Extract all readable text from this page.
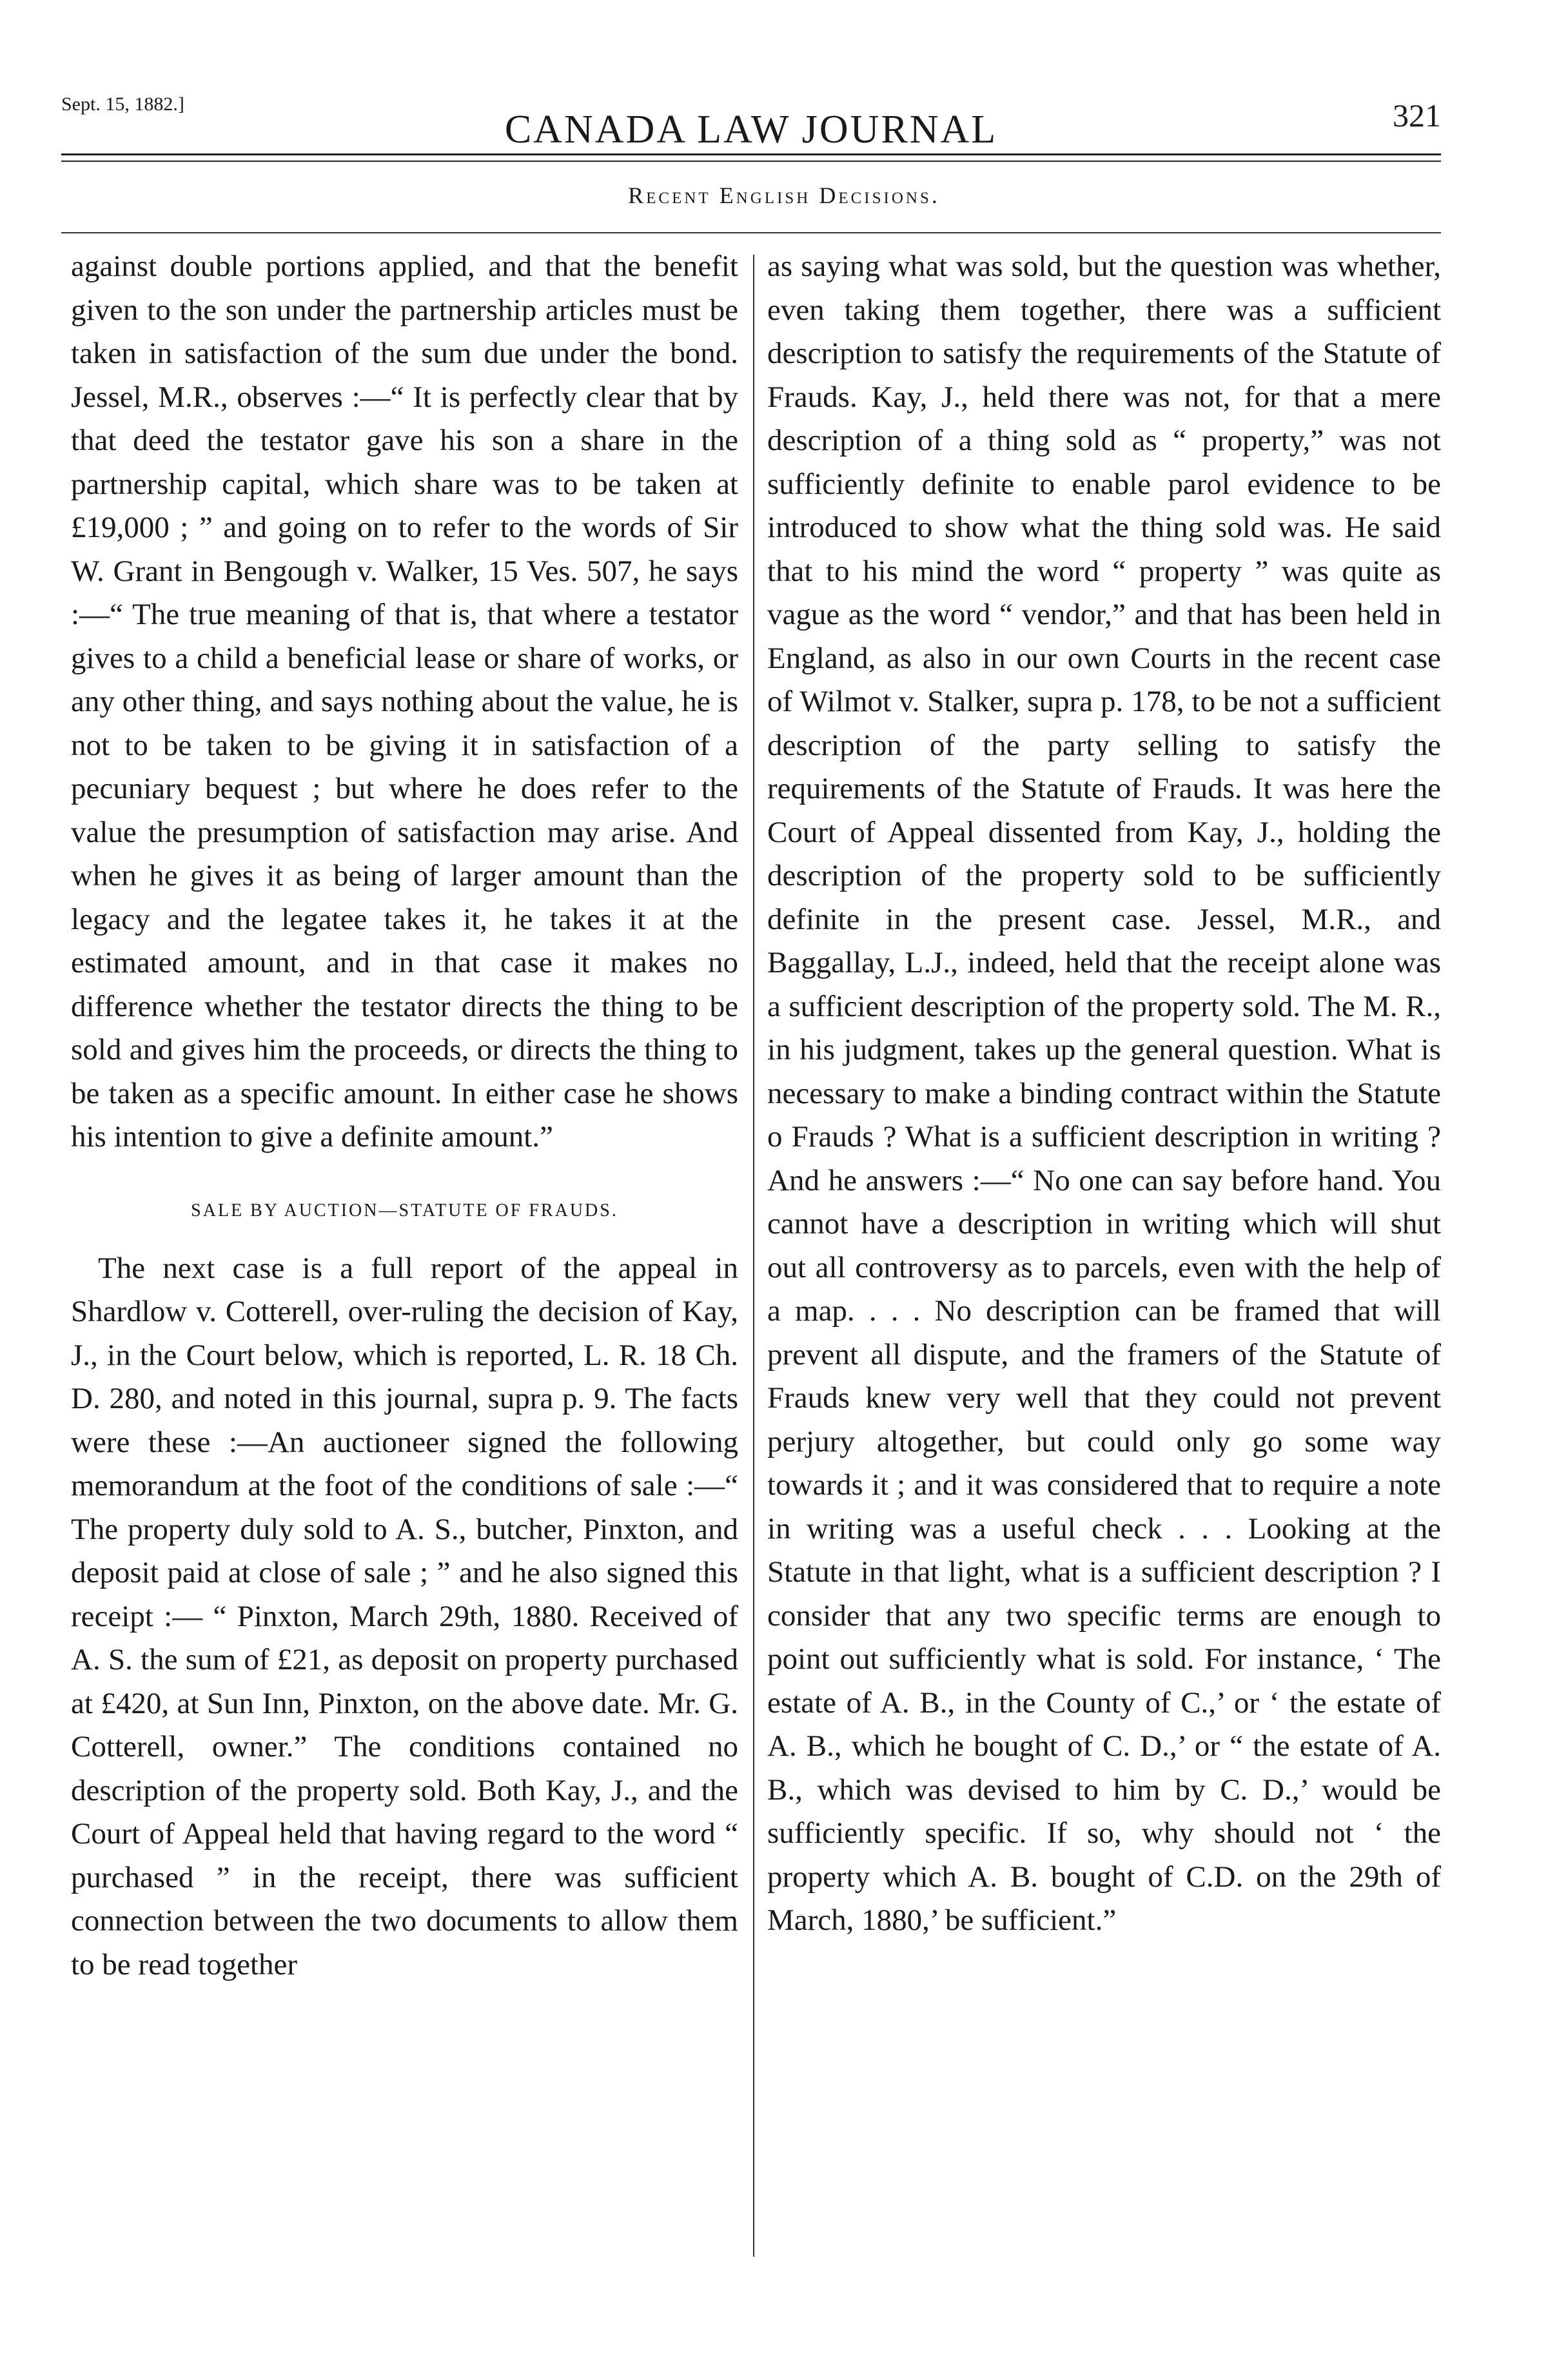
Sept. 15, 1882.]
CANADA LAW JOURNAL	321
Recent English Decisions.

against double portions applied, and that the benefit given to the son under the partnership articles must be taken in satisfaction of the sum due under the bond. Jessel, M.R., observes :—“ It is perfectly clear that by that deed the testator gave his son a share in the partnership capital, which share was to be taken at £19,000 ; ” and going on to refer to the words of Sir W. Grant in Bengough v. Walker, 15 Ves. 507, he says :—“ The true meaning of that is, that where a testator gives to a child a beneficial lease or share of works, or any other thing, and says nothing about the value, he is not to be taken to be giving it in satisfaction of a pecuniary bequest ; but where he does refer to the value the presumption of satisfaction may arise. And when he gives it as being of larger amount than the legacy and the legatee takes it, he takes it at the estimated amount, and in that case it makes no difference whether the testator directs the thing to be sold and gives him the proceeds, or directs the thing to be taken as a specific amount. In either case he shows his intention to give a definite amount.”

SALE BY AUCTION—STATUTE OF FRAUDS.

The next case is a full report of the appeal in Shardlow v. Cotterell, over-ruling the decision of Kay, J., in the Court below, which is reported, L. R. 18 Ch. D. 280, and noted in this journal, supra p. 9. The facts were these :—An auctioneer signed the following memorandum at the foot of the conditions of sale :—“ The property duly sold to A. S., butcher, Pinxton, and deposit paid at close of sale ; ” and he also signed this receipt :— “ Pinxton, March 29th, 1880. Received of A. S. the sum of £21, as deposit on property purchased at £420, at Sun Inn, Pinxton, on the above date. Mr. G. Cotterell, owner.” The conditions contained no description of the property sold. Both Kay, J., and the Court of Appeal held that having regard to the word “ purchased ” in the receipt, there was sufficient connection between the two documents to allow them to be read together

as saying what was sold, but the question was whether, even taking them together, there was a sufficient description to satisfy the requirements of the Statute of Frauds. Kay, J., held there was not, for that a mere description of a thing sold as “ property,” was not sufficiently definite to enable parol evidence to be introduced to show what the thing sold was. He said that to his mind the word “ property ” was quite as vague as the word “ vendor,” and that has been held in England, as also in our own Courts in the recent case of Wilmot v. Stalker, supra p. 178, to be not a sufficient description of the party selling to satisfy the requirements of the Statute of Frauds. It was here the Court of Appeal dissented from Kay, J., holding the description of the property sold to be sufficiently definite in the present case. Jessel, M.R., and Baggallay, L.J., indeed, held that the receipt alone was a sufficient description of the property sold. The M. R., in his judgment, takes up the general question. What is necessary to make a binding contract within the Statute o Frauds ? What is a sufficient description in writing ? And he answers :—“ No one can say before hand. You cannot have a description in writing which will shut out all controversy as to parcels, even with the help of a map. . . . No description can be framed that will prevent all dispute, and the framers of the Statute of Frauds knew very well that they could not prevent perjury altogether, but could only go some way towards it ; and it was considered that to require a note in writing was a useful check . . . Looking at the Statute in that light, what is a sufficient description ? I consider that any two specific terms are enough to point out sufficiently what is sold. For instance, ‘ The estate of A. B., in the County of C.,’ or ‘ the estate of A. B., which he bought of C. D.,’ or “ the estate of A. B., which was devised to him by C. D.,’ would be sufficiently specific. If so, why should not ‘ the property which A. B. bought of C.D. on the 29th of March, 1880,’ be sufficient.”
